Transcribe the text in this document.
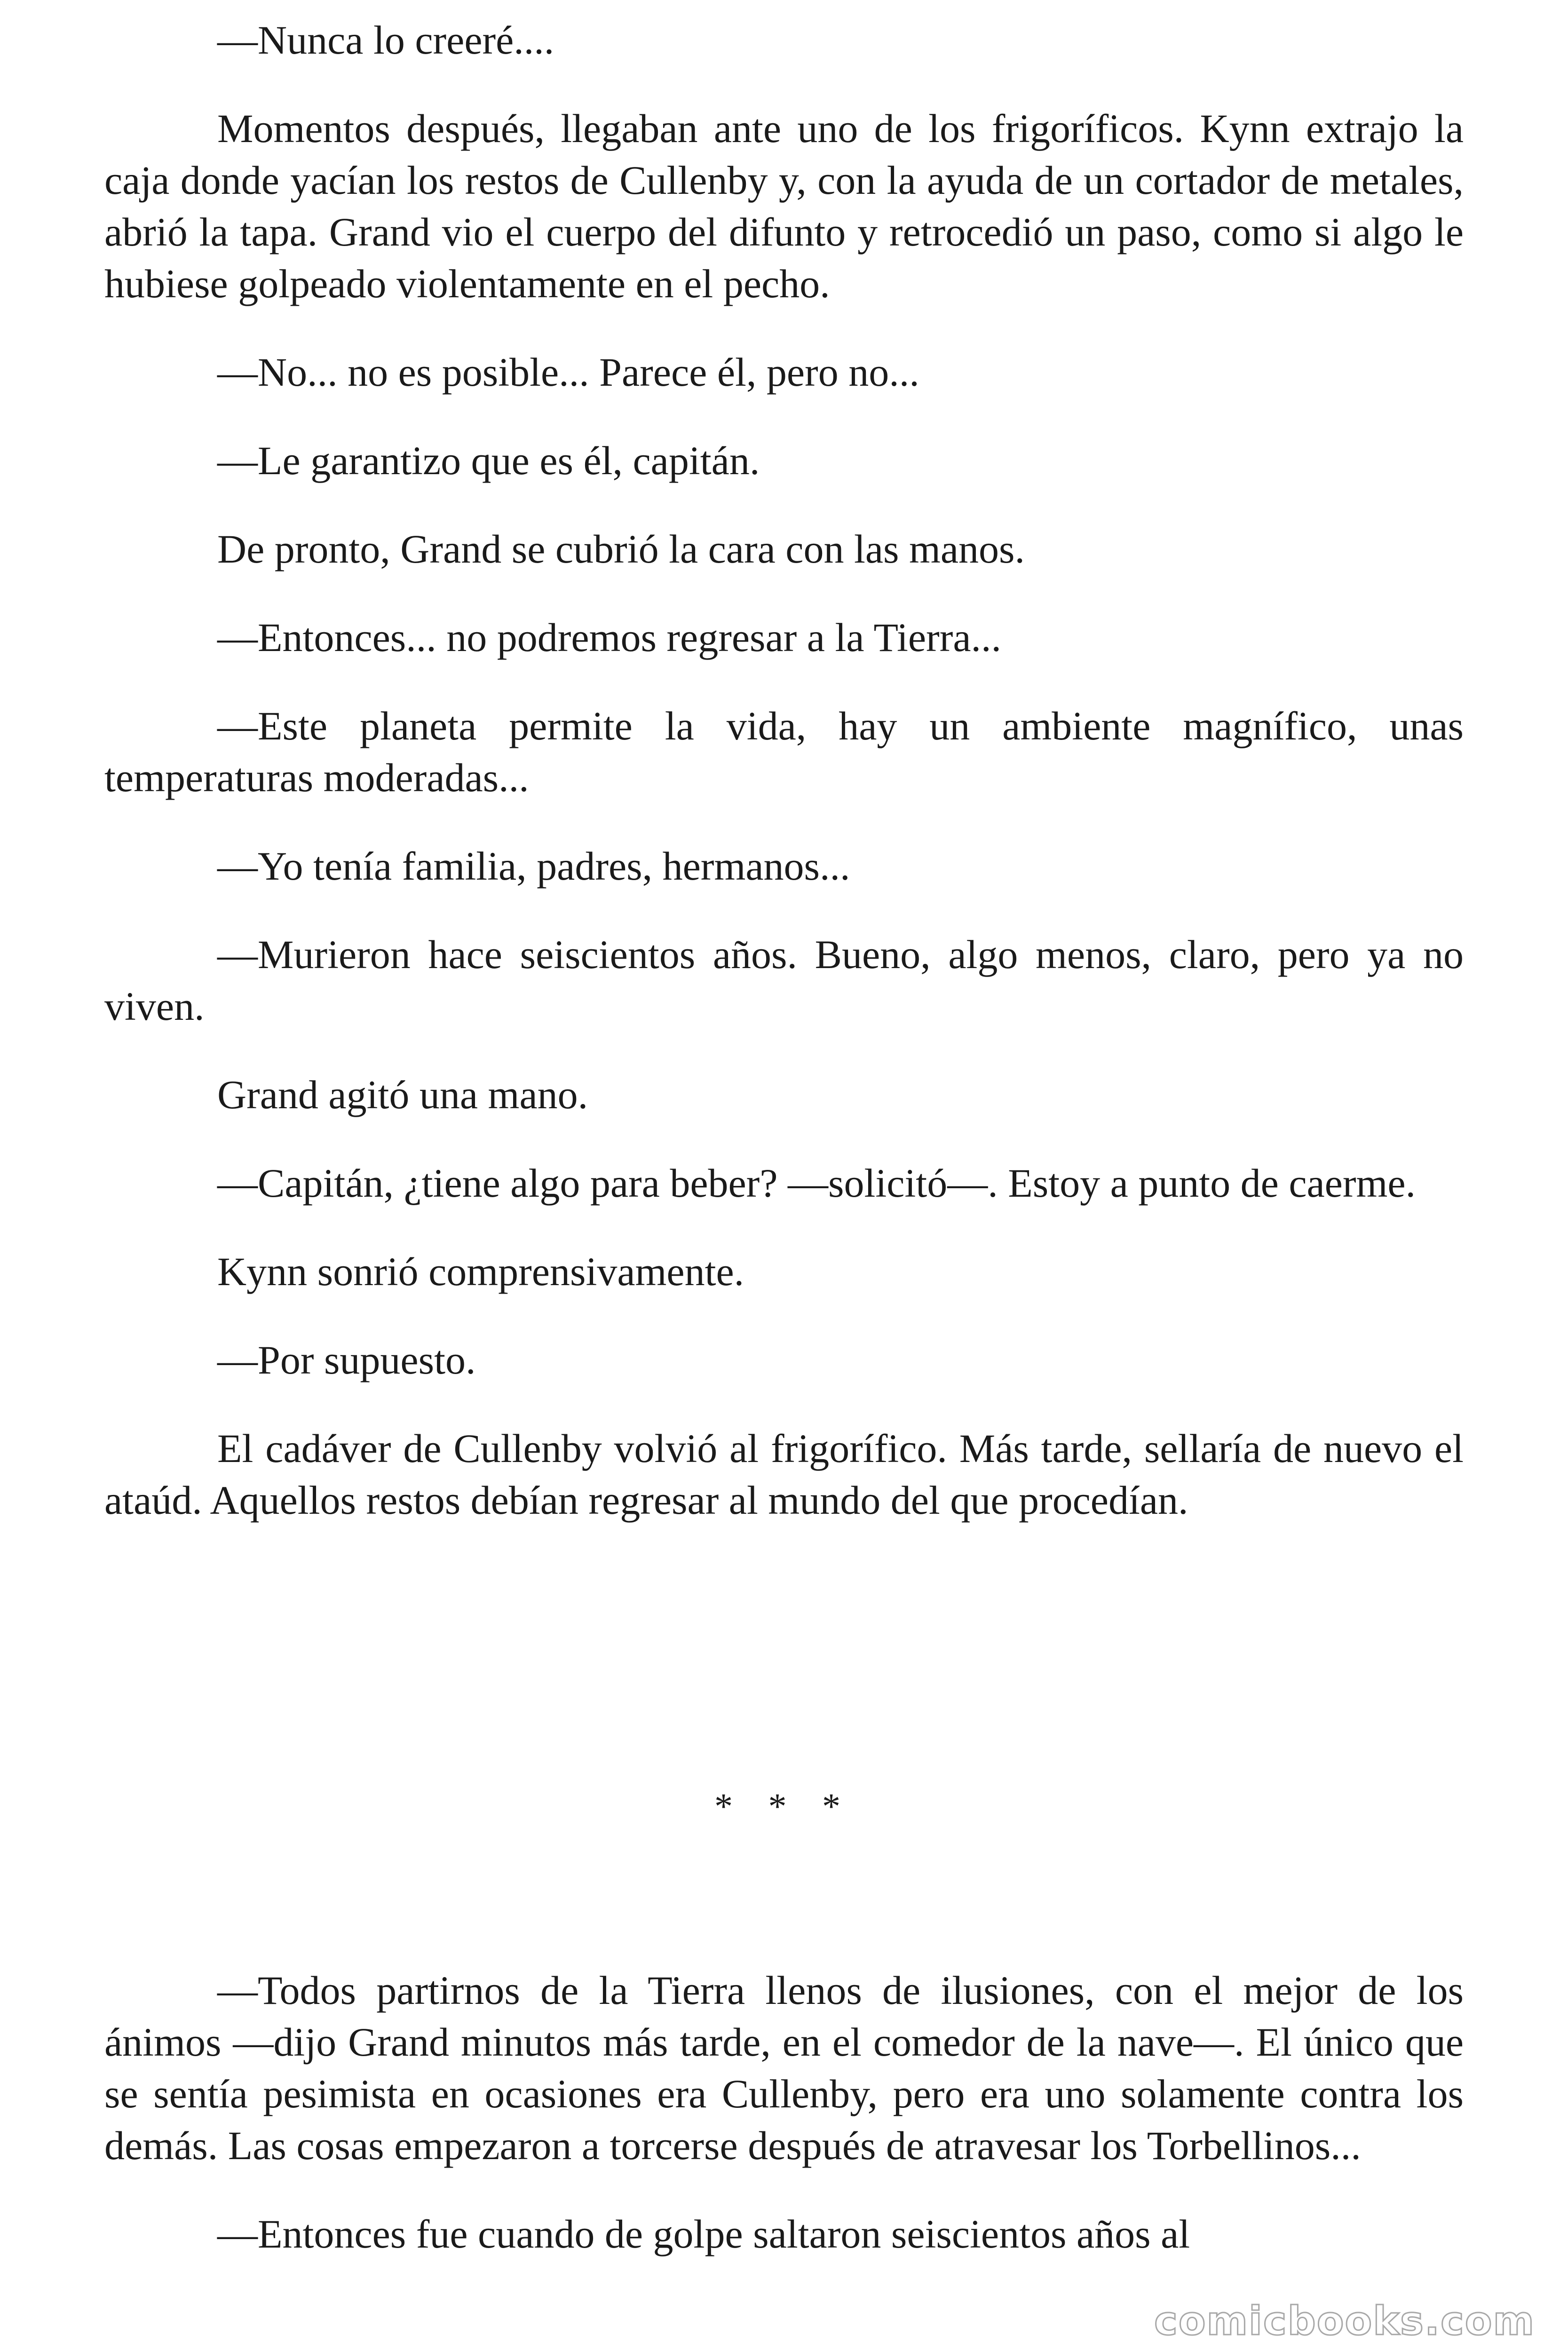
—Nunca lo creeré....

Momentos después, llegaban ante uno de los frigoríficos. Kynn extrajo la caja donde yacían los restos de Cullenby y, con la ayuda de un cortador de metales, abrió la tapa. Grand vio el cuerpo del difunto y retrocedió un paso, como si algo le hubiese golpeado violentamente en el pecho.

—No... no es posible... Parece él, pero no...

—Le garantizo que es él, capitán.

De pronto, Grand se cubrió la cara con las manos.

—Entonces... no podremos regresar a la Tierra...

—Este planeta permite la vida, hay un ambiente magnífico, unas temperaturas moderadas...

—Yo tenía familia, padres, hermanos...

—Murieron hace seiscientos años. Bueno, algo menos, claro, pero ya no viven.

Grand agitó una mano.

—Capitán, ¿tiene algo para beber? —solicitó—. Estoy a punto de caerme.

Kynn sonrió comprensivamente.

—Por supuesto.

El cadáver de Cullenby volvió al frigorífico. Más tarde, sellaría de nuevo el ataúd. Aquellos restos debían regresar al mundo del que procedían.

* * *

—Todos partirnos de la Tierra llenos de ilusiones, con el mejor de los ánimos —dijo Grand minutos más tarde, en el comedor de la nave—. El único que se sentía pesimista en ocasiones era Cullenby, pero era uno solamente contra los demás. Las cosas empezaron a torcerse después de atravesar los Torbellinos...

—Entonces fue cuando de golpe saltaron seiscientos años al

comicbooks.com
